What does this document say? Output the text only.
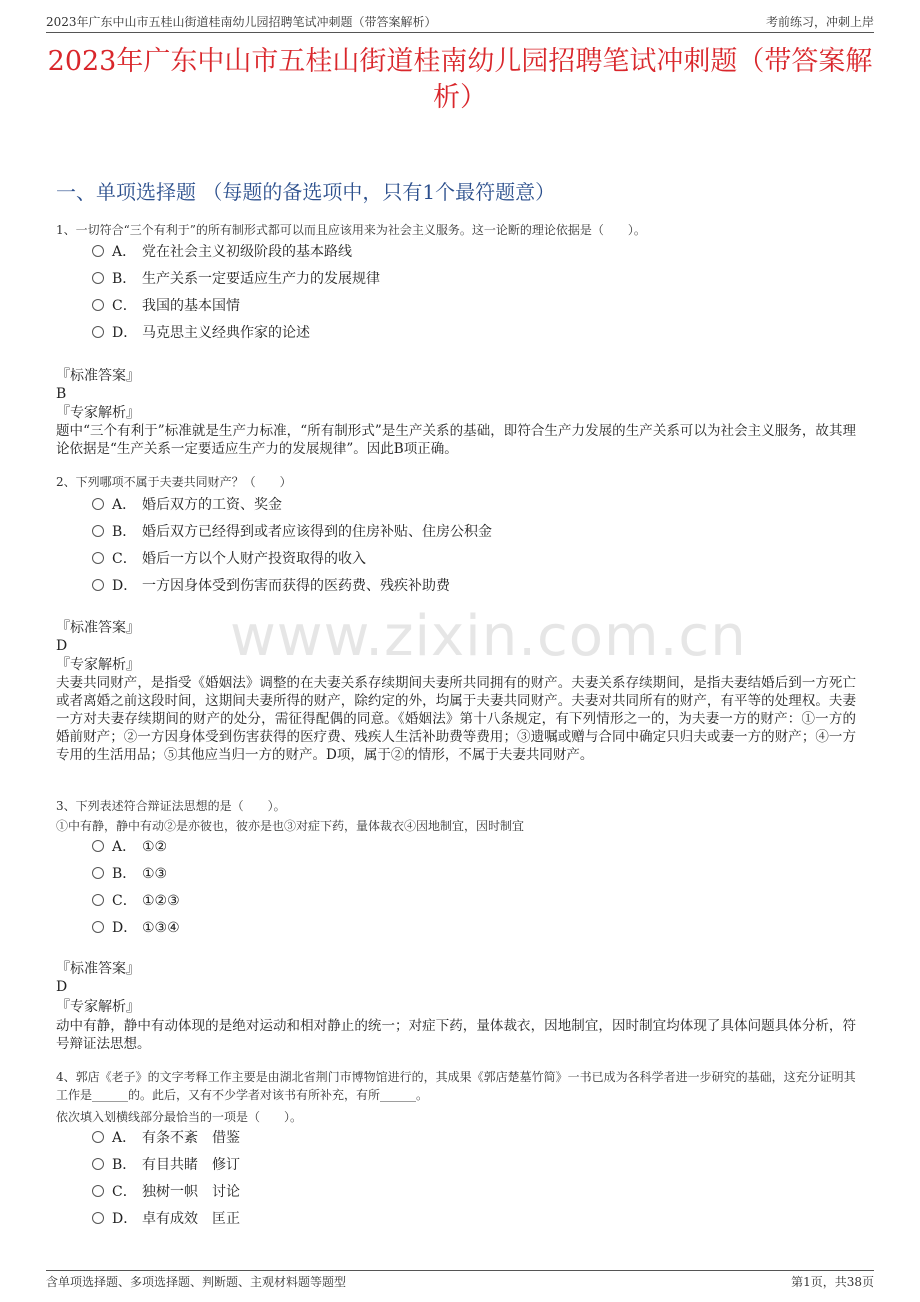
www.zixin.com.cn
2023年广东中山市五桂山街道桂南幼儿园招聘笔试冲刺题（带答案解析）	考前练习，冲刺上岸
2023年广东中山市五桂山街道桂南幼儿园招聘笔试冲刺题（带答案解析）
一、单项选择题 （每题的备选项中，只有1个最符题意）
1、一切符合“三个有利于”的所有制形式都可以而且应该用来为社会主义服务。这一论断的理论依据是（　　）。
A． 党在社会主义初级阶段的基本路线
B． 生产关系一定要适应生产力的发展规律
C． 我国的基本国情
D． 马克思主义经典作家的论述
『标准答案』
B
『专家解析』
题中“三个有利于”标准就是生产力标准，“所有制形式”是生产关系的基础，即符合生产力发展的生产关系可以为社会主义服务，故其理论依据是“生产关系一定要适应生产力的发展规律”。因此B项正确。
2、下列哪项不属于夫妻共同财产？（　　）
A． 婚后双方的工资、奖金
B． 婚后双方已经得到或者应该得到的住房补贴、住房公积金
C． 婚后一方以个人财产投资取得的收入
D． 一方因身体受到伤害而获得的医药费、残疾补助费
『标准答案』
D
『专家解析』
夫妻共同财产，是指受《婚姻法》调整的在夫妻关系存续期间夫妻所共同拥有的财产。夫妻关系存续期间，是指夫妻结婚后到一方死亡或者离婚之前这段时间，这期间夫妻所得的财产，除约定的外，均属于夫妻共同财产。夫妻对共同所有的财产，有平等的处理权。夫妻一方对夫妻存续期间的财产的处分，需征得配偶的同意。《婚姻法》第十八条规定，有下列情形之一的，为夫妻一方的财产：①一方的婚前财产；②一方因身体受到伤害获得的医疗费、残疾人生活补助费等费用；③遗嘱或赠与合同中确定只归夫或妻一方的财产；④一方专用的生活用品；⑤其他应当归一方的财产。D项，属于②的情形，不属于夫妻共同财产。
3、下列表述符合辩证法思想的是（　　）。
①中有静，静中有动②是亦彼也，彼亦是也③对症下药，量体裁衣④因地制宜，因时制宜
A． ①②
B． ①③
C． ①②③
D． ①③④
『标准答案』
D
『专家解析』
动中有静，静中有动体现的是绝对运动和相对静止的统一；对症下药，量体裁衣，因地制宜，因时制宜均体现了具体问题具体分析，符号辩证法思想。
4、郭店《老子》的文字考释工作主要是由湖北省荆门市博物馆进行的，其成果《郭店楚墓竹简》一书已成为各科学者进一步研究的基础，这充分证明其工作是______的。此后，又有不少学者对该书有所补充，有所______。
依次填入划横线部分最恰当的一项是（　　）。
A． 有条不紊　借鉴
B． 有目共睹　修订
C． 独树一帜　讨论
D． 卓有成效　匡正
含单项选择题、多项选择题、判断题、主观材料题等题型	第1页，共38页
